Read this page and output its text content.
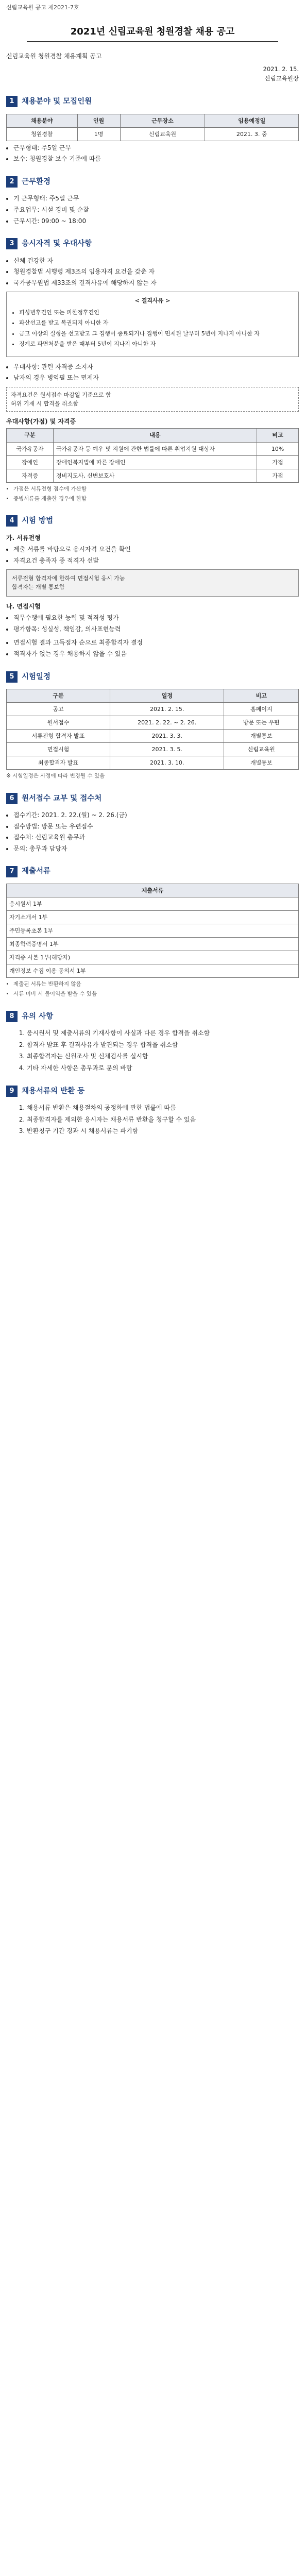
신림교육원 공고 제2021-7호
2021년 신림교육원 청원경찰 채용 공고

신림교육원 청원경찰 채용계획 공고

2021. 2. 15.

신림교육원장

1 채용분야 및 모집인원
채용분야	인원	근무장소	임용예정일
청원경찰	1명	신림교육원	2021. 3. 중
• 근무형태: 주5일 근무
• 보수: 청원경찰 보수 기준에 따름
2 근무환경
• 기 근무형태: 주5일 근무
• 주요업무: 시설 경비 및 순찰
• 근무시간: 09:00 ~ 18:00
3 응시자격 및 우대사항
• 신체 건강한 자
• 청원경찰법 시행령 제3조의 임용자격 요건을 갖춘 자
• 국가공무원법 제33조의 결격사유에 해당하지 않는 자
< 결격사유 >
• 피성년후견인 또는 피한정후견인
• 파산선고를 받고 복권되지 아니한 자
• 금고 이상의 실형을 선고받고 그 집행이 종료되거나 집행이 면제된 날부터 5년이 지나지 아니한 자
• 징계로 파면처분을 받은 때부터 5년이 지나지 아니한 자
• 우대사항: 관련 자격증 소지자
• 남자의 경우 병역필 또는 면제자
자격요건은 원서접수 마감일 기준으로 함
허위 기재 시 합격을 취소함
우대사항(가점) 및 자격증
구분	내용	비고
국가유공자	국가유공자 등 예우 및 지원에 관한 법률에 따른 취업지원 대상자	10%
장애인	장애인복지법에 따른 장애인	가점
자격증	경비지도사, 신변보호사	가점
• 가점은 서류전형 점수에 가산함
• 증빙서류를 제출한 경우에 한함
4 시험 방법
가. 서류전형
• 제출 서류를 바탕으로 응시자격 요건을 확인
• 자격요건 충족자 중 적격자 선발
서류전형 합격자에 한하여 면접시험 응시 가능
합격자는 개별 통보함
나. 면접시험
• 직무수행에 필요한 능력 및 적격성 평가
• 평가항목: 성실성, 책임감, 의사표현능력
• 면접시험 결과 고득점자 순으로 최종합격자 결정
• 적격자가 없는 경우 채용하지 않을 수 있음
5 시험일정
구분	일정	비고
공고	2021. 2. 15.	홈페이지
원서접수	2021. 2. 22. ~ 2. 26.	방문 또는 우편
서류전형 합격자 발표	2021. 3. 3.	개별통보
면접시험	2021. 3. 5.	신림교육원
최종합격자 발표	2021. 3. 10.	개별통보

※ 시험일정은 사정에 따라 변경될 수 있음

6 원서접수 교부 및 접수처
• 접수기간: 2021. 2. 22.(월) ~ 2. 26.(금)
• 접수방법: 방문 또는 우편접수
• 접수처: 신림교육원 총무과
• 문의: 총무과 담당자
7 제출서류
제출서류
응시원서 1부
자기소개서 1부
주민등록초본 1부
최종학력증명서 1부
자격증 사본 1부(해당자)
개인정보 수집 이용 동의서 1부
• 제출된 서류는 반환하지 않음
• 서류 미비 시 불이익을 받을 수 있음
8 유의 사항
1. 응시원서 및 제출서류의 기재사항이 사실과 다른 경우 합격을 취소함
2. 합격자 발표 후 결격사유가 발견되는 경우 합격을 취소함
3. 최종합격자는 신원조사 및 신체검사를 실시함
4. 기타 자세한 사항은 총무과로 문의 바람
9 채용서류의 반환 등
1. 채용서류 반환은 채용절차의 공정화에 관한 법률에 따름
2. 최종합격자를 제외한 응시자는 채용서류 반환을 청구할 수 있음
3. 반환청구 기간 경과 시 채용서류는 파기함
